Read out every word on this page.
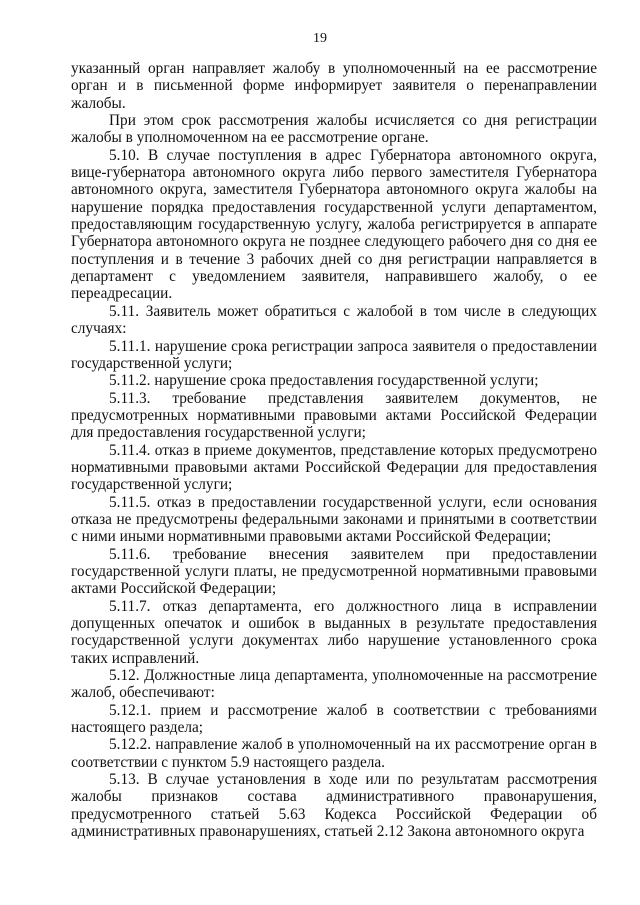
19

указанный орган направляет жалобу в уполномоченный на ее рассмотрение орган и в письменной форме информирует заявителя о перенаправлении жалобы.

При этом срок рассмотрения жалобы исчисляется со дня регистрации жалобы в уполномоченном на ее рассмотрение органе.

5.10. В случае поступления в адрес Губернатора автономного округа, вице-губернатора автономного округа либо первого заместителя Губернатора автономного округа, заместителя Губернатора автономного округа жалобы на нарушение порядка предоставления государственной услуги департаментом, предоставляющим государственную услугу, жалоба регистрируется в аппарате Губернатора автономного округа не позднее следующего рабочего дня со дня ее поступления и в течение 3 рабочих дней со дня регистрации направляется в департамент с уведомлением заявителя, направившего жалобу, о ее переадресации.

5.11. Заявитель может обратиться с жалобой в том числе в следующих случаях:

5.11.1. нарушение срока регистрации запроса заявителя о предоставлении государственной услуги;

5.11.2. нарушение срока предоставления государственной услуги;

5.11.3. требование представления заявителем документов, не предусмотренных нормативными правовыми актами Российской Федерации для предоставления государственной услуги;

5.11.4. отказ в приеме документов, представление которых предусмотрено нормативными правовыми актами Российской Федерации для предоставления государственной услуги;

5.11.5. отказ в предоставлении государственной услуги, если основания отказа не предусмотрены федеральными законами и принятыми в соответствии с ними иными нормативными правовыми актами Российской Федерации;

5.11.6. требование внесения заявителем при предоставлении государственной услуги платы, не предусмотренной нормативными правовыми актами Российской Федерации;

5.11.7. отказ департамента, его должностного лица в исправлении допущенных опечаток и ошибок в выданных в результате предоставления государственной услуги документах либо нарушение установленного срока таких исправлений.

5.12. Должностные лица департамента, уполномоченные на рассмотрение жалоб, обеспечивают:

5.12.1. прием и рассмотрение жалоб в соответствии с требованиями настоящего раздела;

5.12.2. направление жалоб в уполномоченный на их рассмотрение орган в соответствии с пунктом 5.9 настоящего раздела.

5.13. В случае установления в ходе или по результатам рассмотрения жалобы признаков состава административного правонарушения, предусмотренного статьей 5.63 Кодекса Российской Федерации об административных правонарушениях, статьей 2.12 Закона автономного округа
